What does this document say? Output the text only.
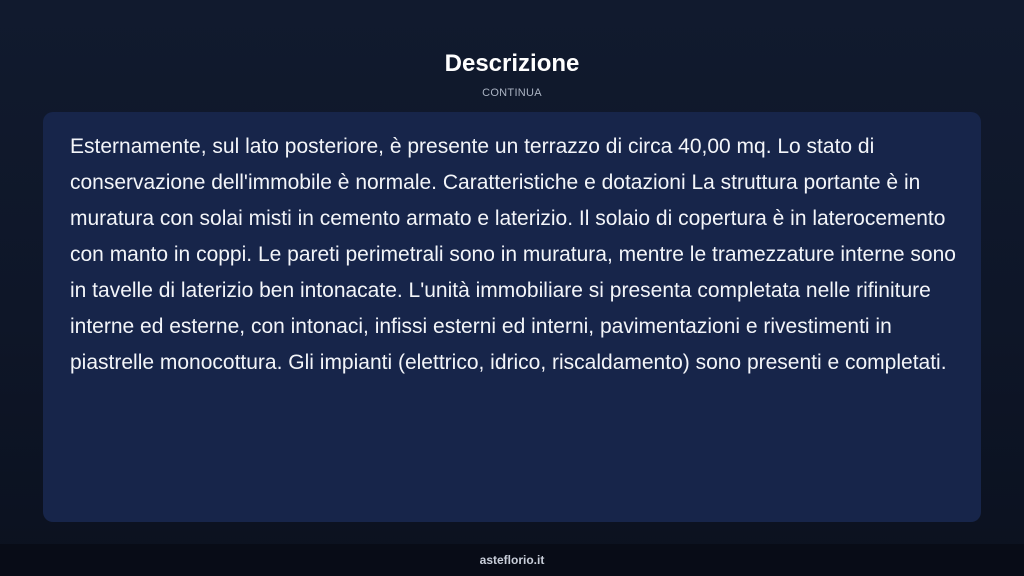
Descrizione
CONTINUA

Esternamente, sul lato posteriore, è presente un terrazzo di circa 40,00 mq. Lo stato di conservazione dell'immobile è normale. Caratteristiche e dotazioni La struttura portante è in muratura con solai misti in cemento armato e laterizio. Il solaio di copertura è in laterocemento con manto in coppi. Le pareti perimetrali sono in muratura, mentre le tramezzature interne sono in tavelle di laterizio ben intonacate. L'unità immobiliare si presenta completata nelle rifiniture interne ed esterne, con intonaci, infissi esterni ed interni, pavimentazioni e rivestimenti in piastrelle monocottura. Gli impianti (elettrico, idrico, riscaldamento) sono presenti e completati.

asteflorio.it
